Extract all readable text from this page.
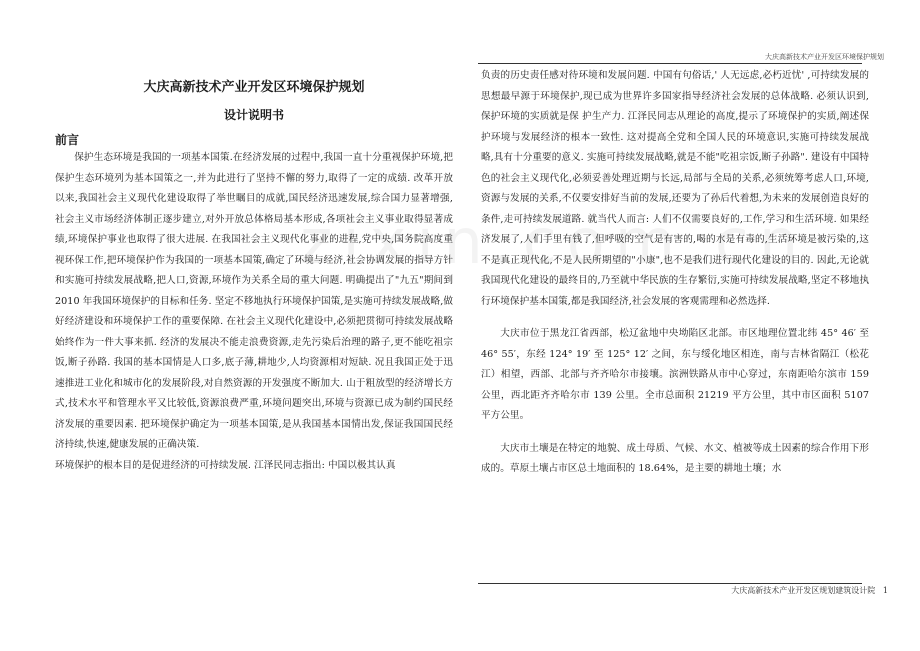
大庆高新技术产业开发区环境保护规划
大庆高新技术产业开发区环境保护规划
设计说明书
前言

保护生态环境是我国的一项基本国策.在经济发展的过程中,我国一直十分重视保护环境,把保护生态环境列为基本国策之一,并为此进行了坚持不懈的努力,取得了一定的成绩. 改革开放以来,我国社会主义现代化建设取得了举世瞩目的成就,国民经济迅速发展,综合国力显著增强,社会主义市场经济体制正逐步建立,对外开放总体格局基本形成,各项社会主义事业取得显著成绩,环境保护事业也取得了很大进展. 在我国社会主义现代化事业的进程,党中央,国务院高度重视环保工作,把环境保护作为我国的一项基本国策,确定了环境与经济,社会协调发展的指导方针和实施可持续发展战略,把人口,资源,环境作为关系全局的重大问题. 明确提出了"九五"期间到 2010 年我国环境保护的目标和任务. 坚定不移地执行环境保护国策,是实施可持续发展战略,做好经济建设和环境保护工作的重要保障. 在社会主义现代化建设中,必须把贯彻可持续发展战略始终作为一件大事来抓. 经济的发展决不能走浪费资源,走先污染后治理的路子,更不能吃祖宗饭,断子孙路. 我国的基本国情是人口多,底子薄,耕地少,人均资源相对短缺. 况且我国正处于迅速推进工业化和城市化的发展阶段,对自然资源的开发强度不断加大. 山于粗放型的经济增长方式,技术水平和管理水平又比较低,资源浪费严重,环境问题突出,环境与资源已成为制约国民经济发展的重要因素. 把环境保护确定为一项基本国策,是从我国基本国情出发,保证我国国民经济持续,快速,健康发展的正确决策.

环境保护的根本目的是促进经济的可持续发展. 江泽民同志指出: 中国以极其认真

负责的历史责任感对待环境和发展问题. 中国有句俗话,' 人无远虑,必朽近忧' ,可持续发展的思想最早源于环境保护,现已成为世界许多国家指导经济社会发展的总体战略. 必须认识到,保护环境的实质就是保 护生产力. 江泽民同志从理论的高度,提示了环境保护的实质,阐述保护环境与发展经济的根本一致性. 这对提高全党和全国人民的环境意识,实施可持续发展战略,具有十分重要的意义. 实施可持续发展战略,就是不能"吃祖宗饭,断子孙路". 建设有中国特色的社会主义现代化,必须妥善处理近期与长远,局部与全局的关系,必须统筹考虑人口,环境,资源与发展的关系,不仅要安排好当前的发展,还要为了孙后代着想,为未来的发展创造良好的条件,走可持续发展道路. 就当代人而言: 人们不仅需要良好的,工作,学习和生活环境. 如果经济发展了,人们手里有钱了,但呼吸的空气是有害的,喝的水是有毒的,生活环境是被污染的,这不是真正现代化,不是人民所期望的"小康",也不是我们进行现代化建设的目的. 因此,无论就我国现代化建设的最终目的,乃至就中华民族的生存繁衍,实施可持续发展战略,坚定不移地执行环境保护基本国策,都是我国经济,社会发展的客观需理和必然选择.

大庆市位于黑龙江省西部，松辽盆地中央坳陷区北部。市区地理位置北纬 45° 46′ 至 46° 55′，东经 124° 19′ 至 125° 12′ 之间，东与绥化地区相连，南与吉林省隔江（松花江）相望，西部、北部与齐齐哈尔市接壤。滨洲铁路从市中心穿过，东南距哈尔滨市 159 公里，西北距齐齐哈尔市 139 公里。全市总面积 21219 平方公里，其中市区面积 5107 平方公里。

大庆市土壤是在特定的地貌、成土母质、气候、水文、植被等成土因素的综合作用下形成的。草原土壤占市区总土地面积的 18.64%，是主要的耕地土壤；水

大庆高新技术产业开发区规划建筑设计院 1
